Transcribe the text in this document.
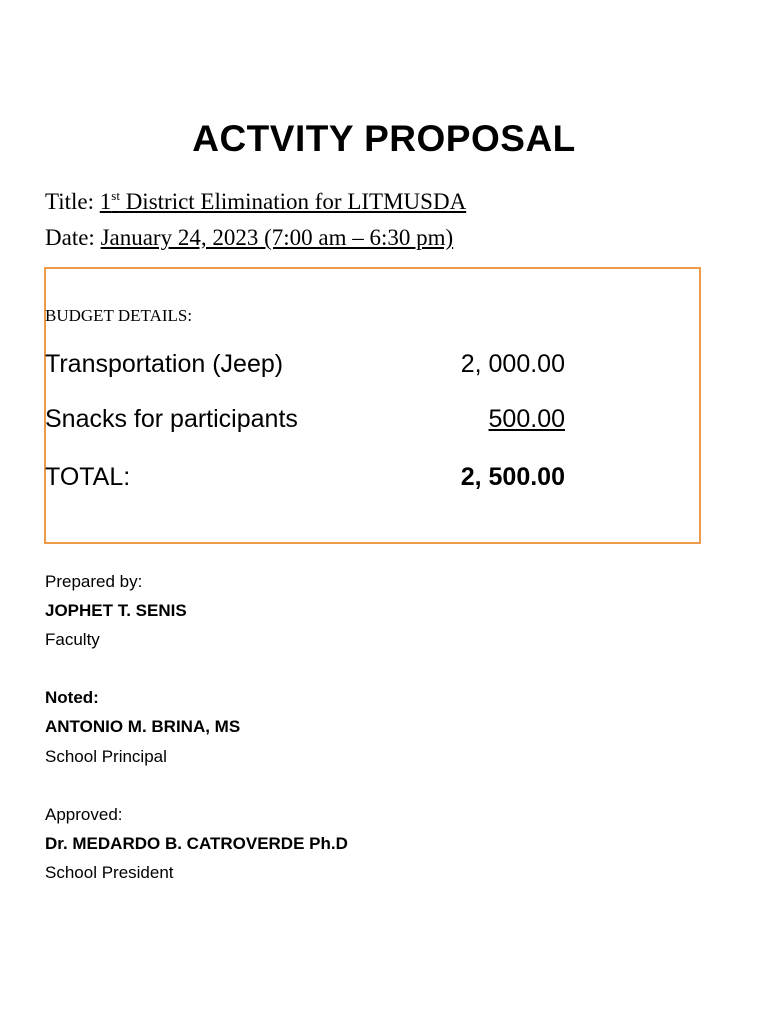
ACTVITY PROPOSAL
Title: 1st District Elimination for LITMUSDA
Date: January 24, 2023 (7:00 am – 6:30 pm)
BUDGET DETAILS:
Transportation (Jeep)	2, 000.00
Snacks for participants	500.00
TOTAL:	2, 500.00
Prepared by:
JOPHET T. SENIS
Faculty
Noted:
ANTONIO M. BRINA, MS
School Principal
Approved:
Dr. MEDARDO B. CATROVERDE Ph.D
School President
